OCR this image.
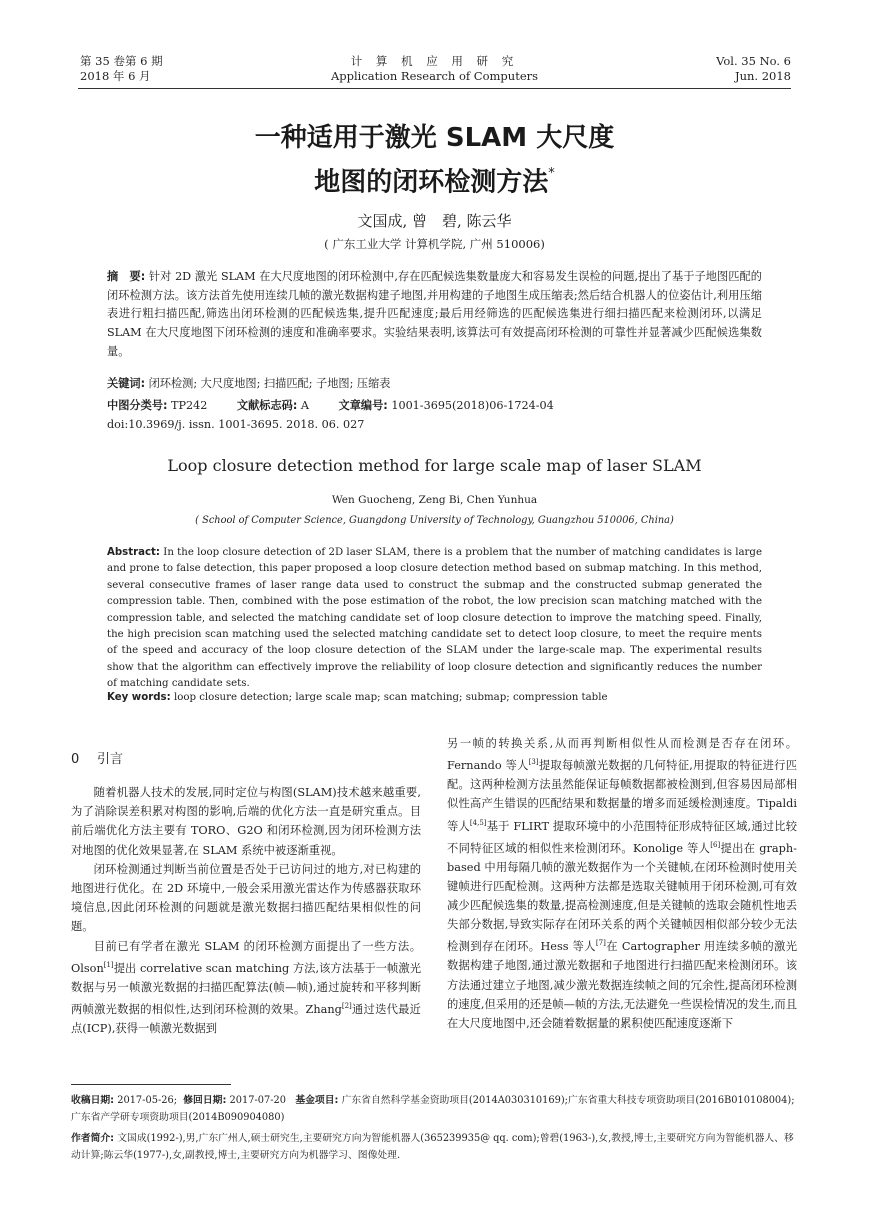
第 35 卷第 6 期
2018 年 6 月
计 算 机 应 用 研 究
Application Research of Computers
Vol. 35 No. 6
Jun. 2018
一种适用于激光 SLAM 大尺度
地图的闭环检测方法*
文国成, 曾　碧, 陈云华
( 广东工业大学 计算机学院, 广州 510006)
摘　要: 针对 2D 激光 SLAM 在大尺度地图的闭环检测中,存在匹配候选集数量庞大和容易发生误检的问题,提出了基于子地图匹配的闭环检测方法。该方法首先使用连续几帧的激光数据构建子地图,并用构建的子地图生成压缩表;然后结合机器人的位姿估计,利用压缩表进行粗扫描匹配,筛选出闭环检测的匹配候选集,提升匹配速度;最后用经筛选的匹配候选集进行细扫描匹配来检测闭环,以满足 SLAM 在大尺度地图下闭环检测的速度和准确率要求。实验结果表明,该算法可有效提高闭环检测的可靠性并显著减少匹配候选集数量。
关键词: 闭环检测; 大尺度地图; 扫描匹配; 子地图; 压缩表
中图分类号: TP242	文献标志码: A	文章编号: 1001-3695(2018)06-1724-04
doi:10.3969/j. issn. 1001-3695. 2018. 06. 027
Loop closure detection method for large scale map of laser SLAM
Wen Guocheng, Zeng Bi, Chen Yunhua
( School of Computer Science, Guangdong University of Technology, Guangzhou 510006, China)
Abstract: In the loop closure detection of 2D laser SLAM, there is a problem that the number of matching candidates is large and prone to false detection, this paper proposed a loop closure detection method based on submap matching. In this method, several consecutive frames of laser range data used to construct the submap and the constructed submap generated the compression table. Then, combined with the pose estimation of the robot, the low precision scan matching matched with the compression table, and selected the matching candidate set of loop closure detection to improve the matching speed. Finally, the high precision scan matching used the selected matching candidate set to detect loop closure, to meet the require ments of the speed and accuracy of the loop closure detection of the SLAM under the large-scale map. The experimental results show that the algorithm can effectively improve the reliability of loop closure detection and significantly reduces the number of matching candidate sets.
Key words: loop closure detection; large scale map; scan matching; submap; compression table
0 引言

随着机器人技术的发展,同时定位与构图(SLAM)技术越来越重要,为了消除误差积累对构图的影响,后端的优化方法一直是研究重点。目前后端优化方法主要有 TORO、G2O 和闭环检测,因为闭环检测方法对地图的优化效果显著,在 SLAM 系统中被逐渐重视。

闭环检测通过判断当前位置是否处于已访问过的地方,对已构建的地图进行优化。在 2D 环境中,一般会采用激光雷达作为传感器获取环境信息,因此闭环检测的问题就是激光数据扫描匹配结果相似性的问题。

目前已有学者在激光 SLAM 的闭环检测方面提出了一些方法。Olson[1]提出 correlative scan matching 方法,该方法基于一帧激光数据与另一帧激光数据的扫描匹配算法(帧—帧),通过旋转和平移判断两帧激光数据的相似性,达到闭环检测的效果。Zhang[2]通过迭代最近点(ICP),获得一帧激光数据到

另一帧的转换关系,从而再判断相似性从而检测是否存在闭环。Fernando 等人[3]提取每帧激光数据的几何特征,用提取的特征进行匹配。这两种检测方法虽然能保证每帧数据都被检测到,但容易因局部相似性高产生错误的匹配结果和数据量的增多而延缓检测速度。Tipaldi 等人[4,5]基于 FLIRT 提取环境中的小范围特征形成特征区域,通过比较不同特征区域的相似性来检测闭环。Konolige 等人[6]提出在 graph-based 中用每隔几帧的激光数据作为一个关键帧,在闭环检测时使用关键帧进行匹配检测。这两种方法都是选取关键帧用于闭环检测,可有效减少匹配候选集的数量,提高检测速度,但是关键帧的选取会随机性地丢失部分数据,导致实际存在闭环关系的两个关键帧因相似部分较少无法检测到存在闭环。Hess 等人[7]在 Cartographer 用连续多帧的激光数据构建子地图,通过激光数据和子地图进行扫描匹配来检测闭环。该方法通过建立子地图,减少激光数据连续帧之间的冗余性,提高闭环检测的速度,但采用的还是帧—帧的方法,无法避免一些误检情况的发生,而且在大尺度地图中,还会随着数据量的累积使匹配速度逐渐下

收稿日期: 2017-05-26; 修回日期: 2017-07-20 基金项目: 广东省自然科学基金资助项目(2014A030310169);广东省重大科技专项资助项目(2016B010108004);广东省产学研专项资助项目(2014B090904080)
作者简介: 文国成(1992-),男,广东广州人,硕士研究生,主要研究方向为智能机器人(365239935@ qq. com);曾碧(1963-),女,教授,博士,主要研究方向为智能机器人、移动计算;陈云华(1977-),女,副教授,博士,主要研究方向为机器学习、图像处理.
